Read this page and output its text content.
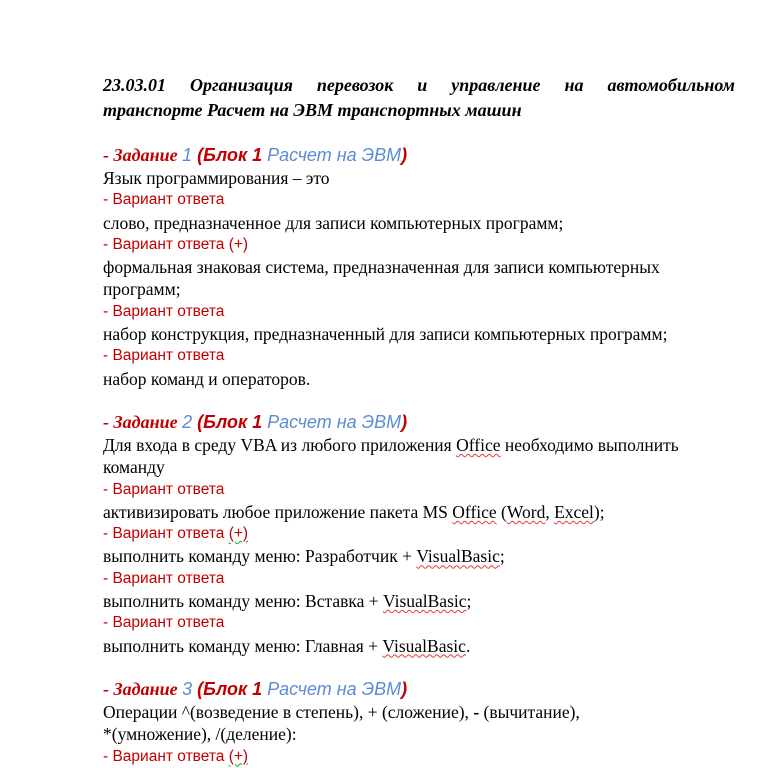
23.03.01 Организация перевозок и управление на автомобильном
транспорте Расчет на ЭВМ транспортных машин
- Задание 1 (Блок 1 Расчет на ЭВМ)
Язык программирования – это
- Вариант ответа
слово, предназначенное для записи компьютерных программ;
- Вариант ответа (+)
формальная знаковая система, предназначенная для записи компьютерных
программ;
- Вариант ответа
набор конструкция, предназначенный для записи компьютерных программ;
- Вариант ответа
набор команд и операторов.
- Задание 2 (Блок 1 Расчет на ЭВМ)
Для входа в среду VBA из любого приложения Office необходимо выполнить
команду
- Вариант ответа
активизировать любое приложение пакета MS Office (Word, Excel);
- Вариант ответа (+)
выполнить команду меню: Разработчик + VisualBasic;
- Вариант ответа
выполнить команду меню: Вставка + VisualBasic;
- Вариант ответа
выполнить команду меню: Главная + VisualBasic.
- Задание 3 (Блок 1 Расчет на ЭВМ)
Операции ^(возведение в степень), + (сложение), - (вычитание),
*(умножение), /(деление):
- Вариант ответа (+)
